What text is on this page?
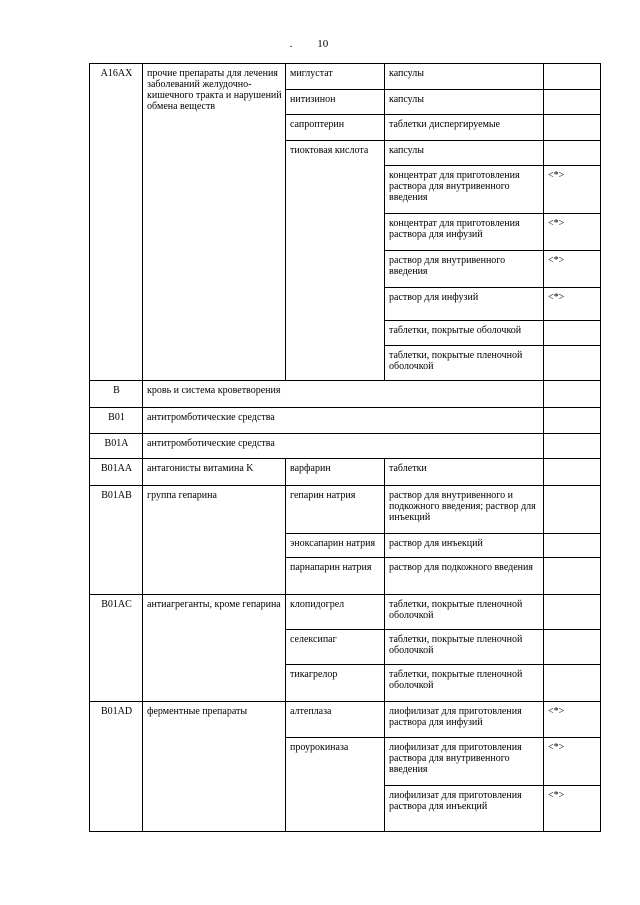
. 10
A16AX	прочие препараты для лечения заболеваний желудочно-кишечного тракта и нарушений обмена веществ	миглустат	капсулы	
		нитизинон	капсулы	
		сапроптерин	таблетки диспергируемые	
		тиоктовая кислота	капсулы	
			концентрат для приготовления раствора для внутривенного введения	<*>
			концентрат для приготовления раствора для инфузий	<*>
			раствор для внутривенного введения	<*>
			раствор для инфузий	<*>
			таблетки, покрытые оболочкой	
			таблетки, покрытые пленочной оболочкой	
B	кровь и система кроветворения			
B01	антитромботические средства			
B01A	антитромботические средства			
B01AA	антагонисты витамина K	варфарин	таблетки	
B01AB	группа гепарина	гепарин натрия	раствор для внутривенного и подкожного введения; раствор для инъекций	
		эноксапарин натрия	раствор для инъекций	
		парнапарин натрия	раствор для подкожного введения	
B01AC	антиагреганты, кроме гепарина	клопидогрел	таблетки, покрытые пленочной оболочкой	
		селексипаг	таблетки, покрытые пленочной оболочкой	
		тикагрелор	таблетки, покрытые пленочной оболочкой	
B01AD	ферментные препараты	алтеплаза	лиофилизат для приготовления раствора для инфузий	<*>
		проурокиназа	лиофилизат для приготовления раствора для внутривенного введения	<*>
			лиофилизат для приготовления раствора для инъекций	<*>
